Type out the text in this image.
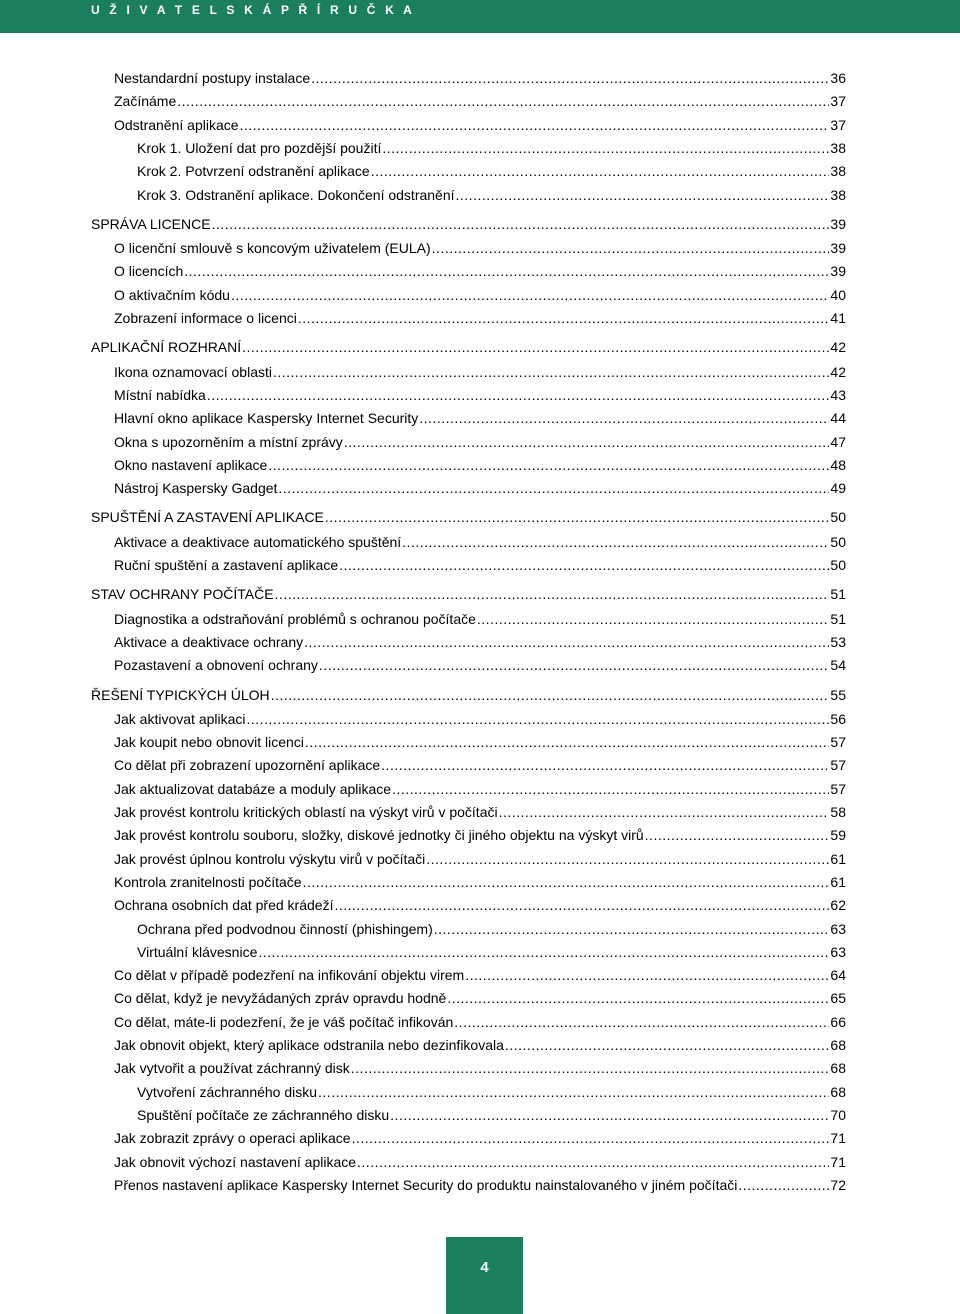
U Ž I V A T E L S K Á P Ř Í R U Č K A
Nestandardní postupy instalace .....	36
Začínáme .....	37
Odstranění aplikace .....	37
Krok 1. Uložení dat pro pozdější použití .....	38
Krok 2. Potvrzení odstranění aplikace .....	38
Krok 3. Odstranění aplikace. Dokončení odstranění .....	38
SPRÁVA LICENCE .....	39
O licenční smlouvě s koncovým uživatelem (EULA) .....	39
O licencích .....	39
O aktivačním kódu .....	40
Zobrazení informace o licenci .....	41
APLIKAČNÍ ROZHRANÍ .....	42
Ikona oznamovací oblasti .....	42
Místní nabídka .....	43
Hlavní okno aplikace Kaspersky Internet Security .....	44
Okna s upozorněním a místní zprávy .....	47
Okno nastavení aplikace .....	48
Nástroj Kaspersky Gadget .....	49
SPUŠTĚNÍ A ZASTAVENÍ APLIKACE .....	50
Aktivace a deaktivace automatického spuštění .....	50
Ruční spuštění a zastavení aplikace .....	50
STAV OCHRANY POČÍTAČE .....	51
Diagnostika a odstraňování problémů s ochranou počítače .....	51
Aktivace a deaktivace ochrany .....	53
Pozastavení a obnovení ochrany .....	54
ŘEŠENÍ TYPICKÝCH ÚLOH .....	55
Jak aktivovat aplikaci .....	56
Jak koupit nebo obnovit licenci .....	57
Co dělat při zobrazení upozornění aplikace .....	57
Jak aktualizovat databáze a moduly aplikace .....	57
Jak provést kontrolu kritických oblastí na výskyt virů v počítači .....	58
Jak provést kontrolu souboru, složky, diskové jednotky či jiného objektu na výskyt virů .....	59
Jak provést úplnou kontrolu výskytu virů v počítači .....	61
Kontrola zranitelnosti počítače .....	61
Ochrana osobních dat před krádeží .....	62
Ochrana před podvodnou činností (phishingem) .....	63
Virtuální klávesnice .....	63
Co dělat v případě podezření na infikování objektu virem .....	64
Co dělat, když je nevyžádaných zpráv opravdu hodně .....	65
Co dělat, máte-li podezření, že je váš počítač infikován .....	66
Jak obnovit objekt, který aplikace odstranila nebo dezinfikovala .....	68
Jak vytvořit a používat záchranný disk .....	68
Vytvoření záchranného disku .....	68
Spuštění počítače ze záchranného disku .....	70
Jak zobrazit zprávy o operaci aplikace .....	71
Jak obnovit výchozí nastavení aplikace .....	71
Přenos nastavení aplikace Kaspersky Internet Security do produktu nainstalovaného v jiném počítači .....	72
4
